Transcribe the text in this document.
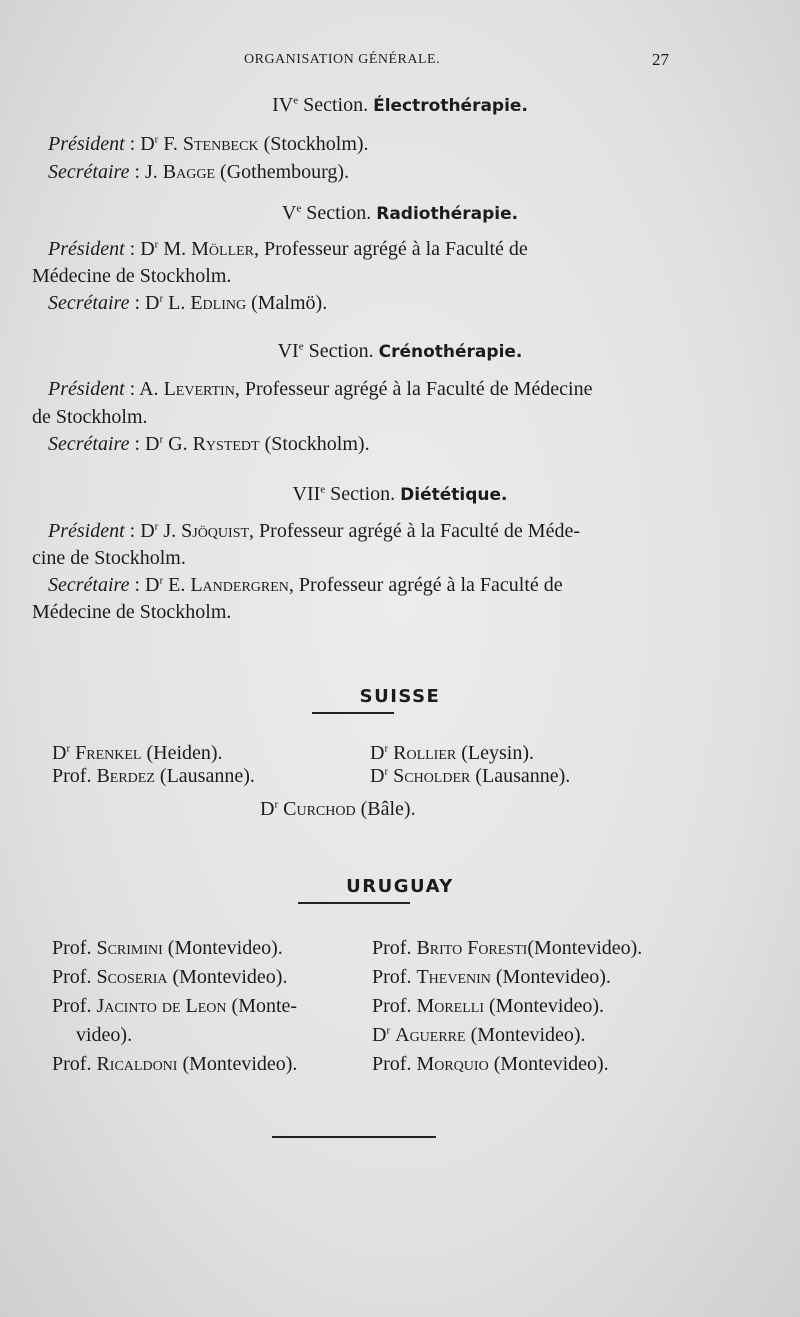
ORGANISATION GÉNÉRALE.	27
IVe Section. Électrothérapie.
Président : $D^r$ F. Stenbeck (Stockholm).
Secrétaire : J. Bagge (Gothembourg).
Ve Section. Radiothérapie.
Président : $D^r$ M. Möller, Professeur agrégé à la Faculté de
Médecine de Stockholm.
Secrétaire : $D^r$ L. Edling (Malmö).
VIe Section. Crénothérapie.
Président : A. Levertin, Professeur agrégé à la Faculté de Médecine
de Stockholm.
Secrétaire : $D^r$ G. Rystedt (Stockholm).
VIIe Section. Diététique.
Président : $D^r$ J. Sjöquist, Professeur agrégé à la Faculté de Méde-
cine de Stockholm.
Secrétaire : $D^r$ E. Landergren, Professeur agrégé à la Faculté de
Médecine de Stockholm.
SUISSE
$D^r$ Frenkel (Heiden).
Prof. Berdez (Lausanne).
$D^r$ Rollier (Leysin).
$D^r$ Scholder (Lausanne).
$D^r$ Curchod (Bâle).
URUGUAY
Prof. Scrimini (Montevideo).
Prof. Scoseria (Montevideo).
Prof. Jacinto de Leon (Monte-
video).
Prof. Ricaldoni (Montevideo).
Prof. Brito Foresti(Montevideo).
Prof. Thevenin (Montevideo).
Prof. Morelli (Montevideo).
$D^r$ Aguerre (Montevideo).
Prof. Morquio (Montevideo).
